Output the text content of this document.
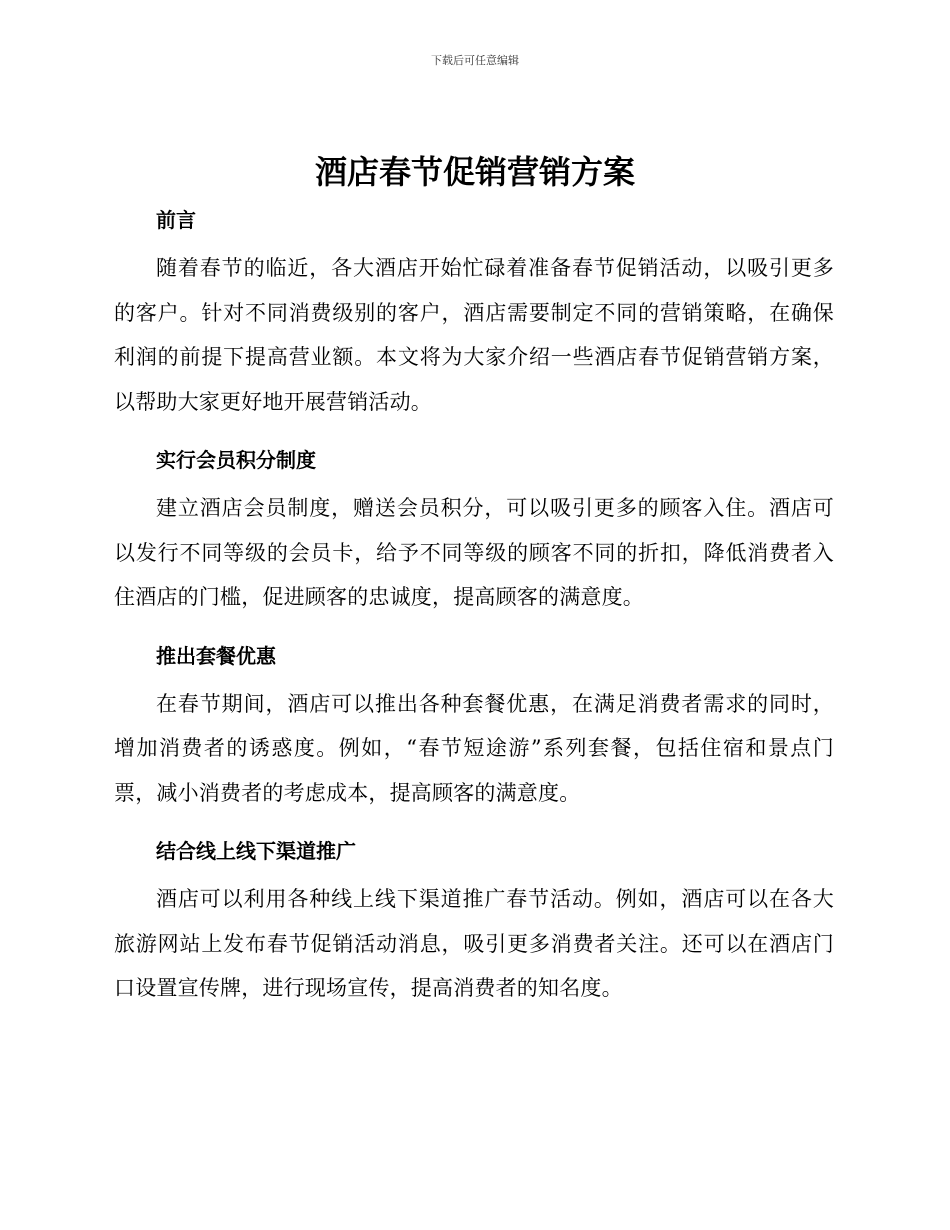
下载后可任意编辑
酒店春节促销营销方案
前言

随着春节的临近，各大酒店开始忙碌着准备春节促销活动，以吸引更多的客户。针对不同消费级别的客户，酒店需要制定不同的营销策略，在确保利润的前提下提高营业额。本文将为大家介绍一些酒店春节促销营销方案，以帮助大家更好地开展营销活动。

实行会员积分制度

建立酒店会员制度，赠送会员积分，可以吸引更多的顾客入住。酒店可以发行不同等级的会员卡，给予不同等级的顾客不同的折扣，降低消费者入住酒店的门槛，促进顾客的忠诚度，提高顾客的满意度。

推出套餐优惠

在春节期间，酒店可以推出各种套餐优惠，在满足消费者需求的同时，增加消费者的诱惑度。例如，“春节短途游”系列套餐，包括住宿和景点门票，减小消费者的考虑成本，提高顾客的满意度。

结合线上线下渠道推广

酒店可以利用各种线上线下渠道推广春节活动。例如，酒店可以在各大旅游网站上发布春节促销活动消息，吸引更多消费者关注。还可以在酒店门口设置宣传牌，进行现场宣传，提高消费者的知名度。
